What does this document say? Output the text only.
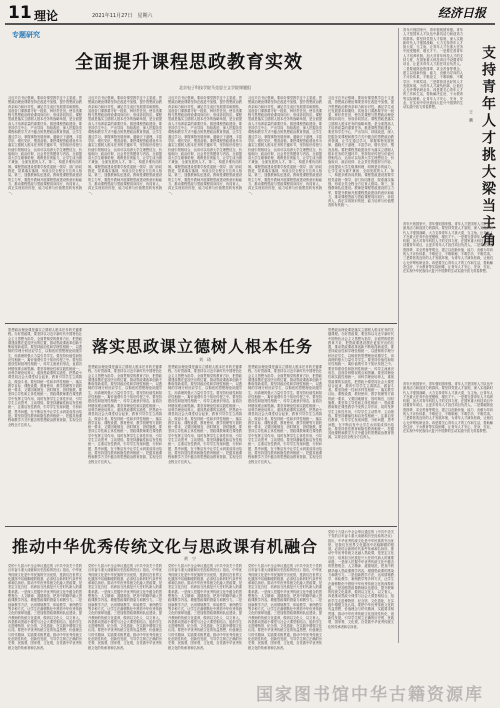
11 理论	2021年11月27日　星期六	经济日报
专题研究
全面提升课程思政教育实效
北京电子科技学院马克思主义学院课题组
习近平总书记强调，要用好课堂教学这个主渠道，思想政治理论课要坚持在改进中加强，提升思想政治教育亲和力和针对性，满足学生成长发展需求和期待，其他各门课都要守好一段渠、种好责任田，使各类课程与思想政治理论课同向同行，形成协同效应。课程思政是落实立德树人根本任务的战略举措，是全面提高人才培养质量的重要任务。推进课程思政建设，要坚持学生中心、产出导向、持续改进，深入挖掘各类课程和教学方式中蕴含的思想政治教育资源，让学生通过学习，掌握事物发展规律，通晓天下道理，丰富学识，增长见识，塑造品格。要把课程思政建设作为落实立德树人根本任务的关键环节，坚持知识传授与价值引领相结合，运用可以培养大学生理想信念、价值取向、政治信仰、社会责任的题材与内容，全面提高大学生缘事析理、明辨是非的能力，让学生成为德才兼备、全面发展的人才。第二，构建多维协同机制。课程思政建设需要学校党委统一领导、部门协同推进、院系落实落细，形成全员全程全方位育人格局。第三，加强教师队伍建设。教师是课程思政建设的主力军，要提升教师开展课程思政建设的意识和能力，推动课程思政与思政课程同向同行、协同育人，真正实现知识传授、能力培养与价值塑造的有机统一。
习近平总书记强调，要用好课堂教学这个主渠道，思想政治理论课要坚持在改进中加强，提升思想政治教育亲和力和针对性，满足学生成长发展需求和期待，其他各门课都要守好一段渠、种好责任田，使各类课程与思想政治理论课同向同行，形成协同效应。课程思政是落实立德树人根本任务的战略举措，是全面提高人才培养质量的重要任务。推进课程思政建设，要坚持学生中心、产出导向、持续改进，深入挖掘各类课程和教学方式中蕴含的思想政治教育资源，让学生通过学习，掌握事物发展规律，通晓天下道理，丰富学识，增长见识，塑造品格。要把课程思政建设作为落实立德树人根本任务的关键环节，坚持知识传授与价值引领相结合，运用可以培养大学生理想信念、价值取向、政治信仰、社会责任的题材与内容，全面提高大学生缘事析理、明辨是非的能力，让学生成为德才兼备、全面发展的人才。第二，构建多维协同机制。课程思政建设需要学校党委统一领导、部门协同推进、院系落实落细，形成全员全程全方位育人格局。第三，加强教师队伍建设。教师是课程思政建设的主力军，要提升教师开展课程思政建设的意识和能力，推动课程思政与思政课程同向同行、协同育人，真正实现知识传授、能力培养与价值塑造的有机统一。
习近平总书记强调，要用好课堂教学这个主渠道，思想政治理论课要坚持在改进中加强，提升思想政治教育亲和力和针对性，满足学生成长发展需求和期待，其他各门课都要守好一段渠、种好责任田，使各类课程与思想政治理论课同向同行，形成协同效应。课程思政是落实立德树人根本任务的战略举措，是全面提高人才培养质量的重要任务。推进课程思政建设，要坚持学生中心、产出导向、持续改进，深入挖掘各类课程和教学方式中蕴含的思想政治教育资源，让学生通过学习，掌握事物发展规律，通晓天下道理，丰富学识，增长见识，塑造品格。要把课程思政建设作为落实立德树人根本任务的关键环节，坚持知识传授与价值引领相结合，运用可以培养大学生理想信念、价值取向、政治信仰、社会责任的题材与内容，全面提高大学生缘事析理、明辨是非的能力，让学生成为德才兼备、全面发展的人才。第二，构建多维协同机制。课程思政建设需要学校党委统一领导、部门协同推进、院系落实落细，形成全员全程全方位育人格局。第三，加强教师队伍建设。教师是课程思政建设的主力军，要提升教师开展课程思政建设的意识和能力，推动课程思政与思政课程同向同行、协同育人，真正实现知识传授、能力培养与价值塑造的有机统一。
习近平总书记强调，要用好课堂教学这个主渠道，思想政治理论课要坚持在改进中加强，提升思想政治教育亲和力和针对性，满足学生成长发展需求和期待，其他各门课都要守好一段渠、种好责任田，使各类课程与思想政治理论课同向同行，形成协同效应。课程思政是落实立德树人根本任务的战略举措，是全面提高人才培养质量的重要任务。推进课程思政建设，要坚持学生中心、产出导向、持续改进，深入挖掘各类课程和教学方式中蕴含的思想政治教育资源，让学生通过学习，掌握事物发展规律，通晓天下道理，丰富学识，增长见识，塑造品格。要把课程思政建设作为落实立德树人根本任务的关键环节，坚持知识传授与价值引领相结合，运用可以培养大学生理想信念、价值取向、政治信仰、社会责任的题材与内容，全面提高大学生缘事析理、明辨是非的能力，让学生成为德才兼备、全面发展的人才。第二，构建多维协同机制。课程思政建设需要学校党委统一领导、部门协同推进、院系落实落细，形成全员全程全方位育人格局。第三，加强教师队伍建设。教师是课程思政建设的主力军，要提升教师开展课程思政建设的意识和能力，推动课程思政与思政课程同向同行、协同育人，真正实现知识传授、能力培养与价值塑造的有机统一。
习近平总书记强调，要用好课堂教学这个主渠道，思想政治理论课要坚持在改进中加强，提升思想政治教育亲和力和针对性，满足学生成长发展需求和期待，其他各门课都要守好一段渠、种好责任田，使各类课程与思想政治理论课同向同行，形成协同效应。课程思政是落实立德树人根本任务的战略举措，是全面提高人才培养质量的重要任务。推进课程思政建设，要坚持学生中心、产出导向、持续改进，深入挖掘各类课程和教学方式中蕴含的思想政治教育资源，让学生通过学习，掌握事物发展规律，通晓天下道理，丰富学识，增长见识，塑造品格。要把课程思政建设作为落实立德树人根本任务的关键环节，坚持知识传授与价值引领相结合，运用可以培养大学生理想信念、价值取向、政治信仰、社会责任的题材与内容，全面提高大学生缘事析理、明辨是非的能力，让学生成为德才兼备、全面发展的人才。第二，构建多维协同机制。课程思政建设需要学校党委统一领导、部门协同推进、院系落实落细，形成全员全程全方位育人格局。第三，加强教师队伍建设。教师是课程思政建设的主力军，要提升教师开展课程思政建设的意识和能力，推动课程思政与思政课程同向同行、协同育人，真正实现知识传授、能力培养与价值塑造的有机统一。
落实思政课立德树人根本任务
刘　琦
思想政治理论课是落实立德树人根本任务的关键课程。办好思政课，要坚持以习近平新时代中国特色社会主义思想为指导，全面贯彻党的教育方针，把思政课建设摆在更加突出的位置，推动思政课改革创新不断取得新成效。要坚持政治性和学理性相统一，以透彻的学理分析回应学生，以彻底的思想理论说服学生，用真理的强大力量引导学生。要坚持价值性和知识性相统一，寓价值观引导于知识传授之中。要坚持建设性和批判性相统一，传导主流意识形态，直面各种错误观点和思潮。要坚持理论性和实践性相统一，用科学理论培养人，重视思政课的实践性，把思政小课堂同社会大课堂结合起来，教育引导学生立鸿鹄志，做奋斗者。要坚持统一性和多样性相统一，落实教学目标、课程设置、教材使用、教学管理等方面的统一要求，又要因地制宜、因时制宜、因材施教。要坚持主导性和主体性相统一，思政课教师要在课堂教学中发挥主导作用，同时发挥学生主体性作用，引导学生主动思考、主动领悟。要坚持灌输性和启发性相统一，注重启发性教育，引导学生发现问题、分析问题、思考问题，在不断启发中让学生水到渠成得出结论。要坚持显性教育和隐性教育相统一，挖掘其他课程和教学方式中蕴含的思想政治教育资源，实现全员全程全方位育人。
思想政治理论课是落实立德树人根本任务的关键课程。办好思政课，要坚持以习近平新时代中国特色社会主义思想为指导，全面贯彻党的教育方针，把思政课建设摆在更加突出的位置，推动思政课改革创新不断取得新成效。要坚持政治性和学理性相统一，以透彻的学理分析回应学生，以彻底的思想理论说服学生，用真理的强大力量引导学生。要坚持价值性和知识性相统一，寓价值观引导于知识传授之中。要坚持建设性和批判性相统一，传导主流意识形态，直面各种错误观点和思潮。要坚持理论性和实践性相统一，用科学理论培养人，重视思政课的实践性，把思政小课堂同社会大课堂结合起来，教育引导学生立鸿鹄志，做奋斗者。要坚持统一性和多样性相统一，落实教学目标、课程设置、教材使用、教学管理等方面的统一要求，又要因地制宜、因时制宜、因材施教。要坚持主导性和主体性相统一，思政课教师要在课堂教学中发挥主导作用，同时发挥学生主体性作用，引导学生主动思考、主动领悟。要坚持灌输性和启发性相统一，注重启发性教育，引导学生发现问题、分析问题、思考问题，在不断启发中让学生水到渠成得出结论。要坚持显性教育和隐性教育相统一，挖掘其他课程和教学方式中蕴含的思想政治教育资源，实现全员全程全方位育人。
思想政治理论课是落实立德树人根本任务的关键课程。办好思政课，要坚持以习近平新时代中国特色社会主义思想为指导，全面贯彻党的教育方针，把思政课建设摆在更加突出的位置，推动思政课改革创新不断取得新成效。要坚持政治性和学理性相统一，以透彻的学理分析回应学生，以彻底的思想理论说服学生，用真理的强大力量引导学生。要坚持价值性和知识性相统一，寓价值观引导于知识传授之中。要坚持建设性和批判性相统一，传导主流意识形态，直面各种错误观点和思潮。要坚持理论性和实践性相统一，用科学理论培养人，重视思政课的实践性，把思政小课堂同社会大课堂结合起来，教育引导学生立鸿鹄志，做奋斗者。要坚持统一性和多样性相统一，落实教学目标、课程设置、教材使用、教学管理等方面的统一要求，又要因地制宜、因时制宜、因材施教。要坚持主导性和主体性相统一，思政课教师要在课堂教学中发挥主导作用，同时发挥学生主体性作用，引导学生主动思考、主动领悟。要坚持灌输性和启发性相统一，注重启发性教育，引导学生发现问题、分析问题、思考问题，在不断启发中让学生水到渠成得出结论。要坚持显性教育和隐性教育相统一，挖掘其他课程和教学方式中蕴含的思想政治教育资源，实现全员全程全方位育人。
思想政治理论课是落实立德树人根本任务的关键课程。办好思政课，要坚持以习近平新时代中国特色社会主义思想为指导，全面贯彻党的教育方针，把思政课建设摆在更加突出的位置，推动思政课改革创新不断取得新成效。要坚持政治性和学理性相统一，以透彻的学理分析回应学生，以彻底的思想理论说服学生，用真理的强大力量引导学生。要坚持价值性和知识性相统一，寓价值观引导于知识传授之中。要坚持建设性和批判性相统一，传导主流意识形态，直面各种错误观点和思潮。要坚持理论性和实践性相统一，用科学理论培养人，重视思政课的实践性，把思政小课堂同社会大课堂结合起来，教育引导学生立鸿鹄志，做奋斗者。要坚持统一性和多样性相统一，落实教学目标、课程设置、教材使用、教学管理等方面的统一要求，又要因地制宜、因时制宜、因材施教。要坚持主导性和主体性相统一，思政课教师要在课堂教学中发挥主导作用，同时发挥学生主体性作用，引导学生主动思考、主动领悟。要坚持灌输性和启发性相统一，注重启发性教育，引导学生发现问题、分析问题、思考问题，在不断启发中让学生水到渠成得出结论。要坚持显性教育和隐性教育相统一，挖掘其他课程和教学方式中蕴含的思想政治教育资源，实现全员全程全方位育人。
思想政治理论课是落实立德树人根本任务的关键课程。办好思政课，要坚持以习近平新时代中国特色社会主义思想为指导，全面贯彻党的教育方针，把思政课建设摆在更加突出的位置，推动思政课改革创新不断取得新成效。要坚持政治性和学理性相统一，以透彻的学理分析回应学生，以彻底的思想理论说服学生，用真理的强大力量引导学生。要坚持价值性和知识性相统一，寓价值观引导于知识传授之中。要坚持建设性和批判性相统一，传导主流意识形态，直面各种错误观点和思潮。要坚持理论性和实践性相统一，用科学理论培养人，重视思政课的实践性，把思政小课堂同社会大课堂结合起来，教育引导学生立鸿鹄志，做奋斗者。要坚持统一性和多样性相统一，落实教学目标、课程设置、教材使用、教学管理等方面的统一要求，又要因地制宜、因时制宜、因材施教。要坚持主导性和主体性相统一，思政课教师要在课堂教学中发挥主导作用，同时发挥学生主体性作用，引导学生主动思考、主动领悟。要坚持灌输性和启发性相统一，注重启发性教育，引导学生发现问题、分析问题、思考问题，在不断启发中让学生水到渠成得出结论。要坚持显性教育和隐性教育相统一，挖掘其他课程和教学方式中蕴含的思想政治教育资源，实现全员全程全方位育人。
推动中华优秀传统文化与思政课有机融合
黄　宁
党的十九届六中全会审议通过的《中共中央关于党的百年奋斗重大成就和历史经验的决议》指出，中华优秀传统文化是中华民族的突出优势，是我们在世界文化激荡中站稳脚跟的根基，必须结合新的时代条件传承和弘扬好。推动中华优秀传统文化融入思政课，是坚定文化自信、培养担当民族复兴大任时代新人的重要举措。一是深入挖掘中华优秀传统文化中蕴含的思想观念、人文精神、道德规范，把其中的精华融入思政课教学内容，增强思政课的感染力和吸引力。二是创新教学方法，运用情境教学、体验教学、案例教学等多种方式，让学生在潜移默化中感悟中华优秀传统文化的深厚底蕴。三是加强思政课教师队伍建设，提升教师的传统文化素养，做到以文化人、以文育人。四是推动思政小课堂与社会大课堂相结合，组织学生走进博物馆、纪念馆、文化遗址，在实践中增强文化认同。要把中华优秀传统文化的有益思想、价值理念与时代精神、实践要求相贯通，推动中华优秀传统文化创造性转化、创新性发展，引导学生树立正确的历史观、民族观、国家观、文化观，自觉做中华优秀传统文化的传承者和弘扬者。
党的十九届六中全会审议通过的《中共中央关于党的百年奋斗重大成就和历史经验的决议》指出，中华优秀传统文化是中华民族的突出优势，是我们在世界文化激荡中站稳脚跟的根基，必须结合新的时代条件传承和弘扬好。推动中华优秀传统文化融入思政课，是坚定文化自信、培养担当民族复兴大任时代新人的重要举措。一是深入挖掘中华优秀传统文化中蕴含的思想观念、人文精神、道德规范，把其中的精华融入思政课教学内容，增强思政课的感染力和吸引力。二是创新教学方法，运用情境教学、体验教学、案例教学等多种方式，让学生在潜移默化中感悟中华优秀传统文化的深厚底蕴。三是加强思政课教师队伍建设，提升教师的传统文化素养，做到以文化人、以文育人。四是推动思政小课堂与社会大课堂相结合，组织学生走进博物馆、纪念馆、文化遗址，在实践中增强文化认同。要把中华优秀传统文化的有益思想、价值理念与时代精神、实践要求相贯通，推动中华优秀传统文化创造性转化、创新性发展，引导学生树立正确的历史观、民族观、国家观、文化观，自觉做中华优秀传统文化的传承者和弘扬者。
党的十九届六中全会审议通过的《中共中央关于党的百年奋斗重大成就和历史经验的决议》指出，中华优秀传统文化是中华民族的突出优势，是我们在世界文化激荡中站稳脚跟的根基，必须结合新的时代条件传承和弘扬好。推动中华优秀传统文化融入思政课，是坚定文化自信、培养担当民族复兴大任时代新人的重要举措。一是深入挖掘中华优秀传统文化中蕴含的思想观念、人文精神、道德规范，把其中的精华融入思政课教学内容，增强思政课的感染力和吸引力。二是创新教学方法，运用情境教学、体验教学、案例教学等多种方式，让学生在潜移默化中感悟中华优秀传统文化的深厚底蕴。三是加强思政课教师队伍建设，提升教师的传统文化素养，做到以文化人、以文育人。四是推动思政小课堂与社会大课堂相结合，组织学生走进博物馆、纪念馆、文化遗址，在实践中增强文化认同。要把中华优秀传统文化的有益思想、价值理念与时代精神、实践要求相贯通，推动中华优秀传统文化创造性转化、创新性发展，引导学生树立正确的历史观、民族观、国家观、文化观，自觉做中华优秀传统文化的传承者和弘扬者。
党的十九届六中全会审议通过的《中共中央关于党的百年奋斗重大成就和历史经验的决议》指出，中华优秀传统文化是中华民族的突出优势，是我们在世界文化激荡中站稳脚跟的根基，必须结合新的时代条件传承和弘扬好。推动中华优秀传统文化融入思政课，是坚定文化自信、培养担当民族复兴大任时代新人的重要举措。一是深入挖掘中华优秀传统文化中蕴含的思想观念、人文精神、道德规范，把其中的精华融入思政课教学内容，增强思政课的感染力和吸引力。二是创新教学方法，运用情境教学、体验教学、案例教学等多种方式，让学生在潜移默化中感悟中华优秀传统文化的深厚底蕴。三是加强思政课教师队伍建设，提升教师的传统文化素养，做到以文化人、以文育人。四是推动思政小课堂与社会大课堂相结合，组织学生走进博物馆、纪念馆、文化遗址，在实践中增强文化认同。要把中华优秀传统文化的有益思想、价值理念与时代精神、实践要求相贯通，推动中华优秀传统文化创造性转化、创新性发展，引导学生树立正确的历史观、民族观、国家观、文化观，自觉做中华优秀传统文化的传承者和弘扬者。
党的十九届六中全会审议通过的《中共中央关于党的百年奋斗重大成就和历史经验的决议》指出，中华优秀传统文化是中华民族的突出优势，是我们在世界文化激荡中站稳脚跟的根基，必须结合新的时代条件传承和弘扬好。推动中华优秀传统文化融入思政课，是坚定文化自信、培养担当民族复兴大任时代新人的重要举措。一是深入挖掘中华优秀传统文化中蕴含的思想观念、人文精神、道德规范，把其中的精华融入思政课教学内容，增强思政课的感染力和吸引力。二是创新教学方法，运用情境教学、体验教学、案例教学等多种方式，让学生在潜移默化中感悟中华优秀传统文化的深厚底蕴。三是加强思政课教师队伍建设，提升教师的传统文化素养，做到以文化人、以文育人。四是推动思政小课堂与社会大课堂相结合，组织学生走进博物馆、纪念馆、文化遗址，在实践中增强文化认同。要把中华优秀传统文化的有益思想、价值理念与时代精神、实践要求相贯通，推动中华优秀传统文化创造性转化、创新性发展，引导学生树立正确的历史观、民族观、国家观、文化观，自觉做中华优秀传统文化的传承者和弘扬者。
支持青年人才挑大梁当主角
王　鹏
青年兴则国家兴，青年强则国家强。青年人才是国家人才队伍中最具活力和创造力的群体。要坚持党管人才原则，深入实施新时代人才强国战略，大力支持青年人才挑大梁、当主角，让青年人才在重大任务中经受锻炼、增长才干。一是要完善青年人才培养机制，加大对青年科技人才的支持力度，在国家重大科技项目中设置青年项目，让更多青年人才担任项目负责人。二是要破除论资排辈、求全责备等观念，建立以创新价值、能力、贡献为导向的人才评价体系，不唯论文、不唯职称、不唯学历、不唯奖项。三是要营造良好的人才发展环境，为青年人才减负松绑，让他们心无旁骛钻研业务。四是要关心青年人才的工作和生活，帮助解决住房、子女教育等实际困难，让青年人才安心、安身、安业，在实现中华民族伟大复兴中国梦的生动实践中放飞青春梦想。
青年兴则国家兴，青年强则国家强。青年人才是国家人才队伍中最具活力和创造力的群体。要坚持党管人才原则，深入实施新时代人才强国战略，大力支持青年人才挑大梁、当主角，让青年人才在重大任务中经受锻炼、增长才干。一是要完善青年人才培养机制，加大对青年科技人才的支持力度，在国家重大科技项目中设置青年项目，让更多青年人才担任项目负责人。二是要破除论资排辈、求全责备等观念，建立以创新价值、能力、贡献为导向的人才评价体系，不唯论文、不唯职称、不唯学历、不唯奖项。三是要营造良好的人才发展环境，为青年人才减负松绑，让他们心无旁骛钻研业务。四是要关心青年人才的工作和生活，帮助解决住房、子女教育等实际困难，让青年人才安心、安身、安业，在实现中华民族伟大复兴中国梦的生动实践中放飞青春梦想。
青年兴则国家兴，青年强则国家强。青年人才是国家人才队伍中最具活力和创造力的群体。要坚持党管人才原则，深入实施新时代人才强国战略，大力支持青年人才挑大梁、当主角，让青年人才在重大任务中经受锻炼、增长才干。一是要完善青年人才培养机制，加大对青年科技人才的支持力度，在国家重大科技项目中设置青年项目，让更多青年人才担任项目负责人。二是要破除论资排辈、求全责备等观念，建立以创新价值、能力、贡献为导向的人才评价体系，不唯论文、不唯职称、不唯学历、不唯奖项。三是要营造良好的人才发展环境，为青年人才减负松绑，让他们心无旁骛钻研业务。四是要关心青年人才的工作和生活，帮助解决住房、子女教育等实际困难，让青年人才安心、安身、安业，在实现中华民族伟大复兴中国梦的生动实践中放飞青春梦想。
国家图书馆中华古籍资源库
